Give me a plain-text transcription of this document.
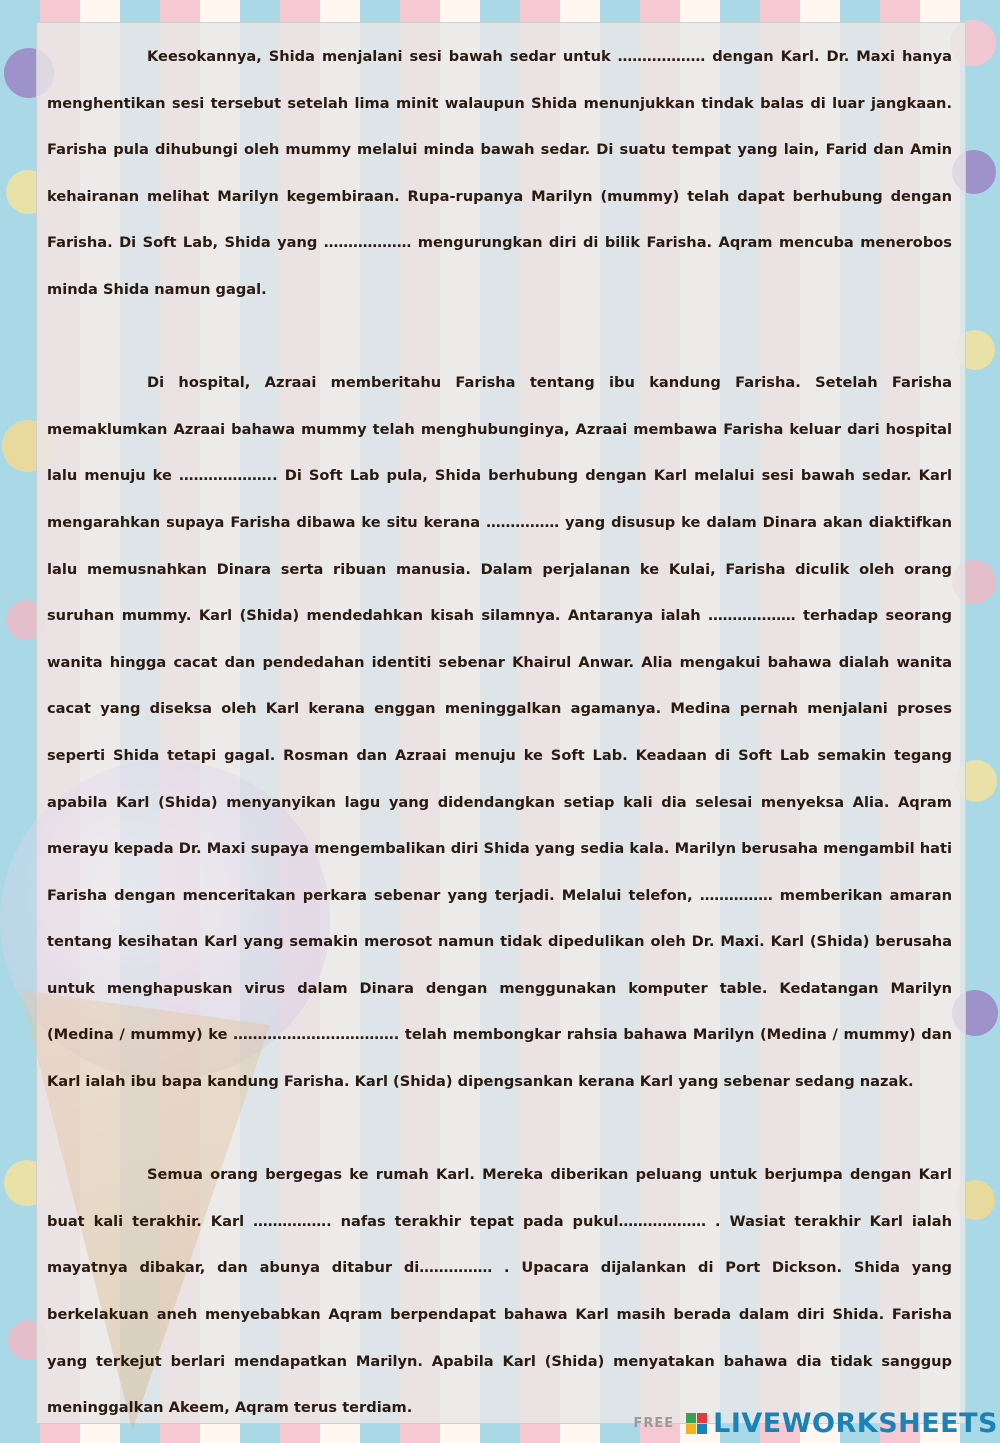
Keesokannya, Shida menjalani sesi bawah sedar untuk ……………… dengan Karl. Dr. Maxi hanya menghentikan sesi tersebut setelah lima minit walaupun Shida menunjukkan tindak balas di luar jangkaan. Farisha pula dihubungi oleh mummy melalui minda bawah sedar. Di suatu tempat yang lain, Farid dan Amin kehairanan melihat Marilyn kegembiraan. Rupa-rupanya Marilyn (mummy) telah dapat berhubung dengan Farisha. Di Soft Lab, Shida yang ……………… mengurungkan diri di bilik Farisha. Aqram mencuba menerobos minda Shida namun gagal.

Di hospital, Azraai memberitahu Farisha tentang ibu kandung Farisha. Setelah Farisha memaklumkan Azraai bahawa mummy telah menghubunginya, Azraai membawa Farisha keluar dari hospital lalu menuju ke ……………….. Di Soft Lab pula, Shida berhubung dengan Karl melalui sesi bawah sedar. Karl mengarahkan supaya Farisha dibawa ke situ kerana …………… yang disusup ke dalam Dinara akan diaktifkan lalu memusnahkan Dinara serta ribuan manusia. Dalam perjalanan ke Kulai, Farisha diculik oleh orang suruhan mummy. Karl (Shida) mendedahkan kisah silamnya. Antaranya ialah ……………… terhadap seorang wanita hingga cacat dan pendedahan identiti sebenar Khairul Anwar. Alia mengakui bahawa dialah wanita cacat yang diseksa oleh Karl kerana enggan meninggalkan agamanya. Medina pernah menjalani proses seperti Shida tetapi gagal. Rosman dan Azraai menuju ke Soft Lab. Keadaan di Soft Lab semakin tegang apabila Karl (Shida) menyanyikan lagu yang didendangkan setiap kali dia selesai menyeksa Alia. Aqram merayu kepada Dr. Maxi supaya mengembalikan diri Shida yang sedia kala. Marilyn berusaha mengambil hati Farisha dengan menceritakan perkara sebenar yang terjadi. Melalui telefon, …………… memberikan amaran tentang kesihatan Karl yang semakin merosot namun tidak dipedulikan oleh Dr. Maxi. Karl (Shida) berusaha untuk menghapuskan virus dalam Dinara dengan menggunakan komputer table. Kedatangan Marilyn (Medina / mummy) ke ……………………………. telah membongkar rahsia bahawa Marilyn (Medina / mummy) dan Karl ialah ibu bapa kandung Farisha. Karl (Shida) dipengsankan kerana Karl yang sebenar sedang nazak.

Semua orang bergegas ke rumah Karl. Mereka diberikan peluang untuk berjumpa dengan Karl buat kali terakhir. Karl ……………. nafas terakhir tepat pada pukul……………… . Wasiat terakhir Karl ialah mayatnya dibakar, dan abunya ditabur di…………… . Upacara dijalankan di Port Dickson. Shida yang berkelakuan aneh menyebabkan Aqram berpendapat bahawa Karl masih berada dalam diri Shida. Farisha yang terkejut berlari mendapatkan Marilyn. Apabila Karl (Shida) menyatakan bahawa dia tidak sanggup meninggalkan Akeem, Aqram terus terdiam.

FREE LIVEWORKSHEETS
